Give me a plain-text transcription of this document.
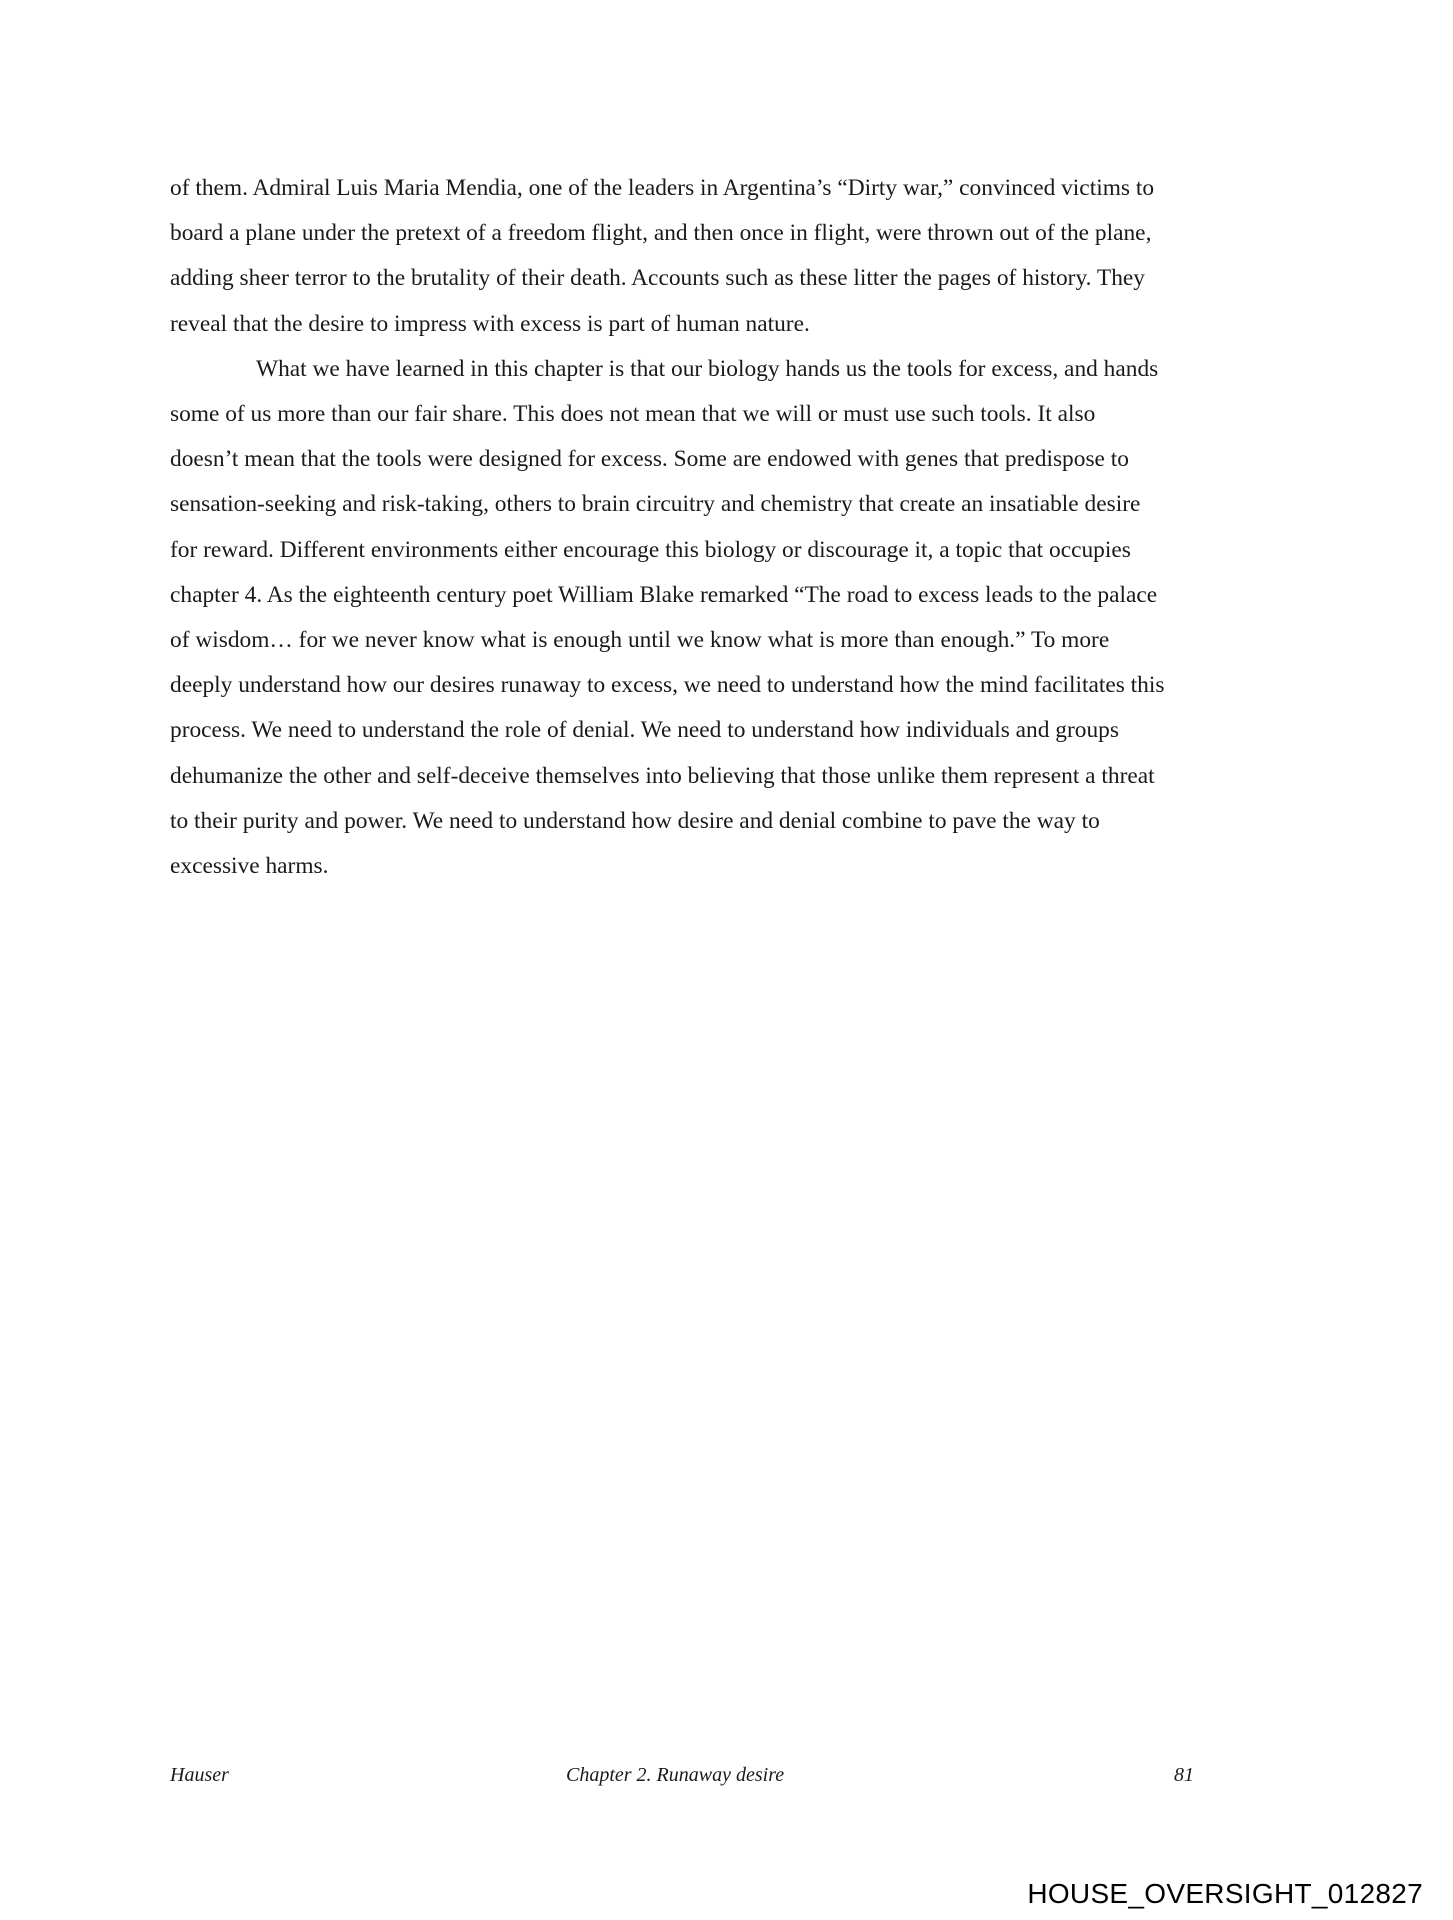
of them. Admiral Luis Maria Mendia, one of the leaders in Argentina’s “Dirty war,” convinced victims to
board a plane under the pretext of a freedom flight, and then once in flight, were thrown out of the plane,
adding sheer terror to the brutality of their death. Accounts such as these litter the pages of history. They
reveal that the desire to impress with excess is part of human nature.

What we have learned in this chapter is that our biology hands us the tools for excess, and hands
some of us more than our fair share. This does not mean that we will or must use such tools. It also
doesn’t mean that the tools were designed for excess. Some are endowed with genes that predispose to
sensation-seeking and risk-taking, others to brain circuitry and chemistry that create an insatiable desire
for reward. Different environments either encourage this biology or discourage it, a topic that occupies
chapter 4. As the eighteenth century poet William Blake remarked “The road to excess leads to the palace
of wisdom… for we never know what is enough until we know what is more than enough.” To more
deeply understand how our desires runaway to excess, we need to understand how the mind facilitates this
process. We need to understand the role of denial. We need to understand how individuals and groups
dehumanize the other and self-deceive themselves into believing that those unlike them represent a threat
to their purity and power. We need to understand how desire and denial combine to pave the way to
excessive harms.

Hauser	Chapter 2. Runaway desire	81
HOUSE_OVERSIGHT_012827
